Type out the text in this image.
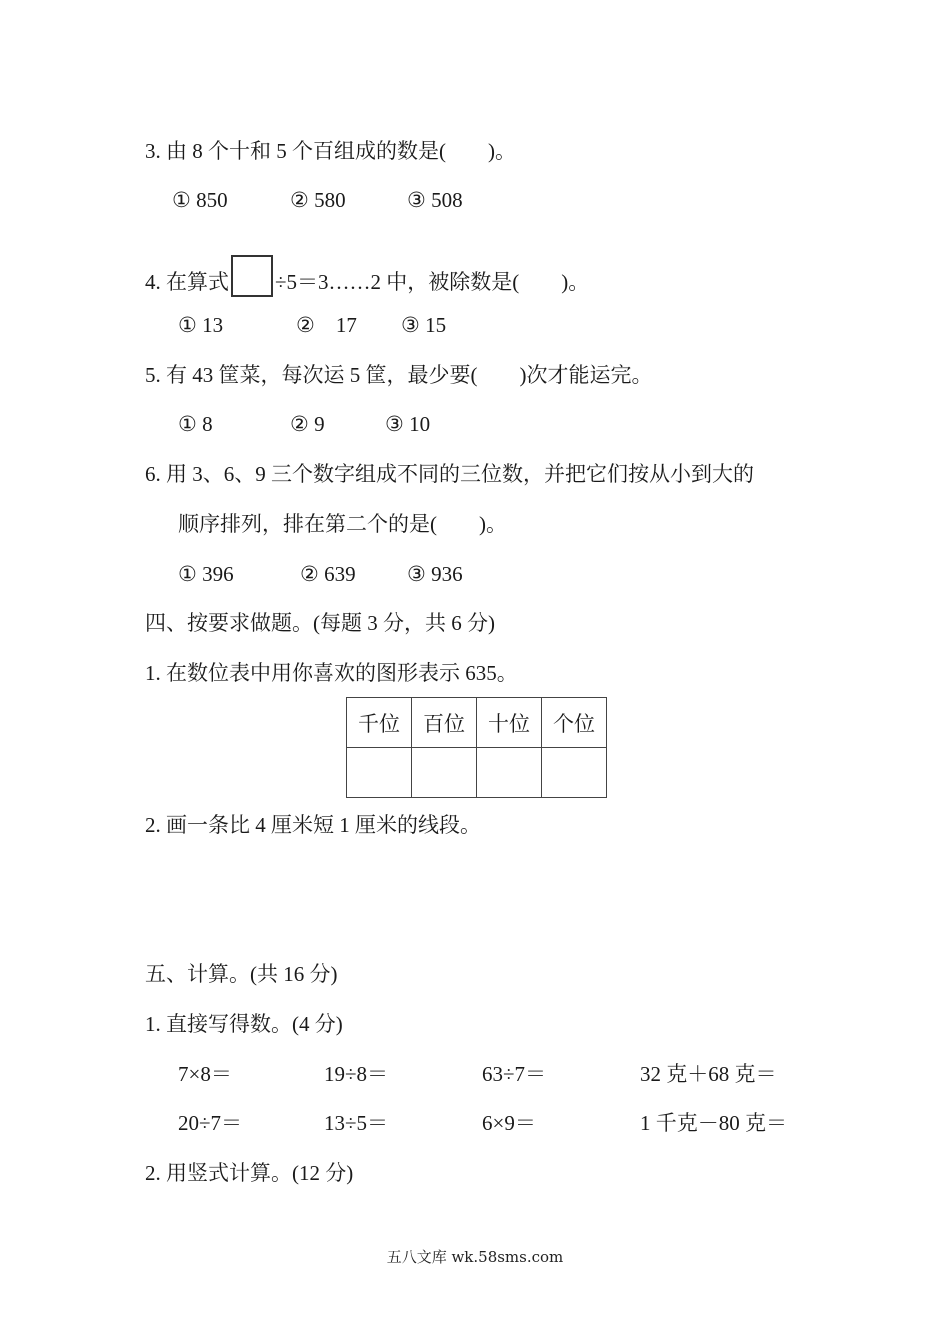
3. 由 8 个十和 5 个百组成的数是(　　)。
① 850	② 580	③ 508
4. 在算式 ÷5＝3……2 中，被除数是(　　)。
① 13	②　17 ③ 15
5. 有 43 筐菜，每次运 5 筐，最少要(　　)次才能运完。
① 8	② 9	③ 10
6. 用 3、6、9 三个数字组成不同的三位数，并把它们按从小到大的
顺序排列，排在第二个的是(　　)。
① 396	② 639 ③ 936
四、按要求做题。(每题 3 分，共 6 分)
1. 在数位表中用你喜欢的图形表示 635。
千位	百位	十位	个位

2. 画一条比 4 厘米短 1 厘米的线段。
五、计算。(共 16 分)
1. 直接写得数。(4 分)
7×8＝	19÷8＝	63÷7＝	32 克＋68 克＝
20÷7＝	13÷5＝	6×9＝	1 千克－80 克＝
2. 用竖式计算。(12 分)
五八文库 wk.58sms.com
